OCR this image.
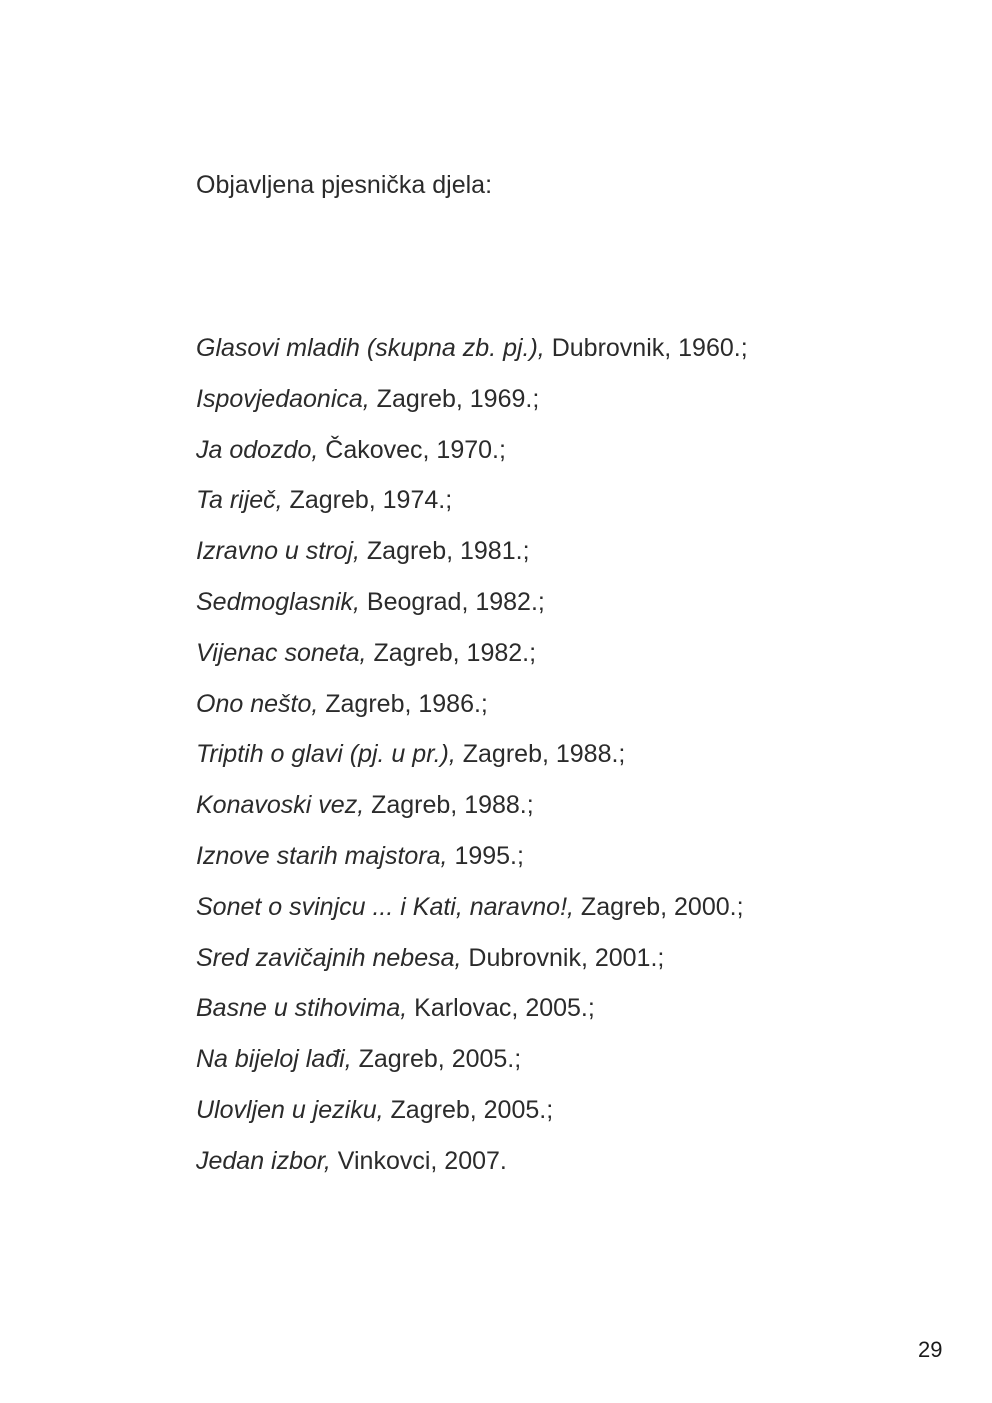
Objavljena pjesnička djela:
Glasovi mladih (skupna zb. pj.), Dubrovnik, 1960.;
Ispovjedaonica, Zagreb, 1969.;
Ja odozdo, Čakovec, 1970.;
Ta riječ, Zagreb, 1974.;
Izravno u stroj, Zagreb, 1981.;
Sedmoglasnik, Beograd, 1982.;
Vijenac soneta, Zagreb, 1982.;
Ono nešto, Zagreb, 1986.;
Triptih o glavi (pj. u pr.), Zagreb, 1988.;
Konavoski vez, Zagreb, 1988.;
Iznove starih majstora, 1995.;
Sonet o svinjcu ... i Kati, naravno!, Zagreb, 2000.;
Sred zavičajnih nebesa, Dubrovnik, 2001.;
Basne u stihovima, Karlovac, 2005.;
Na bijeloj lađi, Zagreb, 2005.;
Ulovljen u jeziku, Zagreb, 2005.;
Jedan izbor, Vinkovci, 2007.
29
